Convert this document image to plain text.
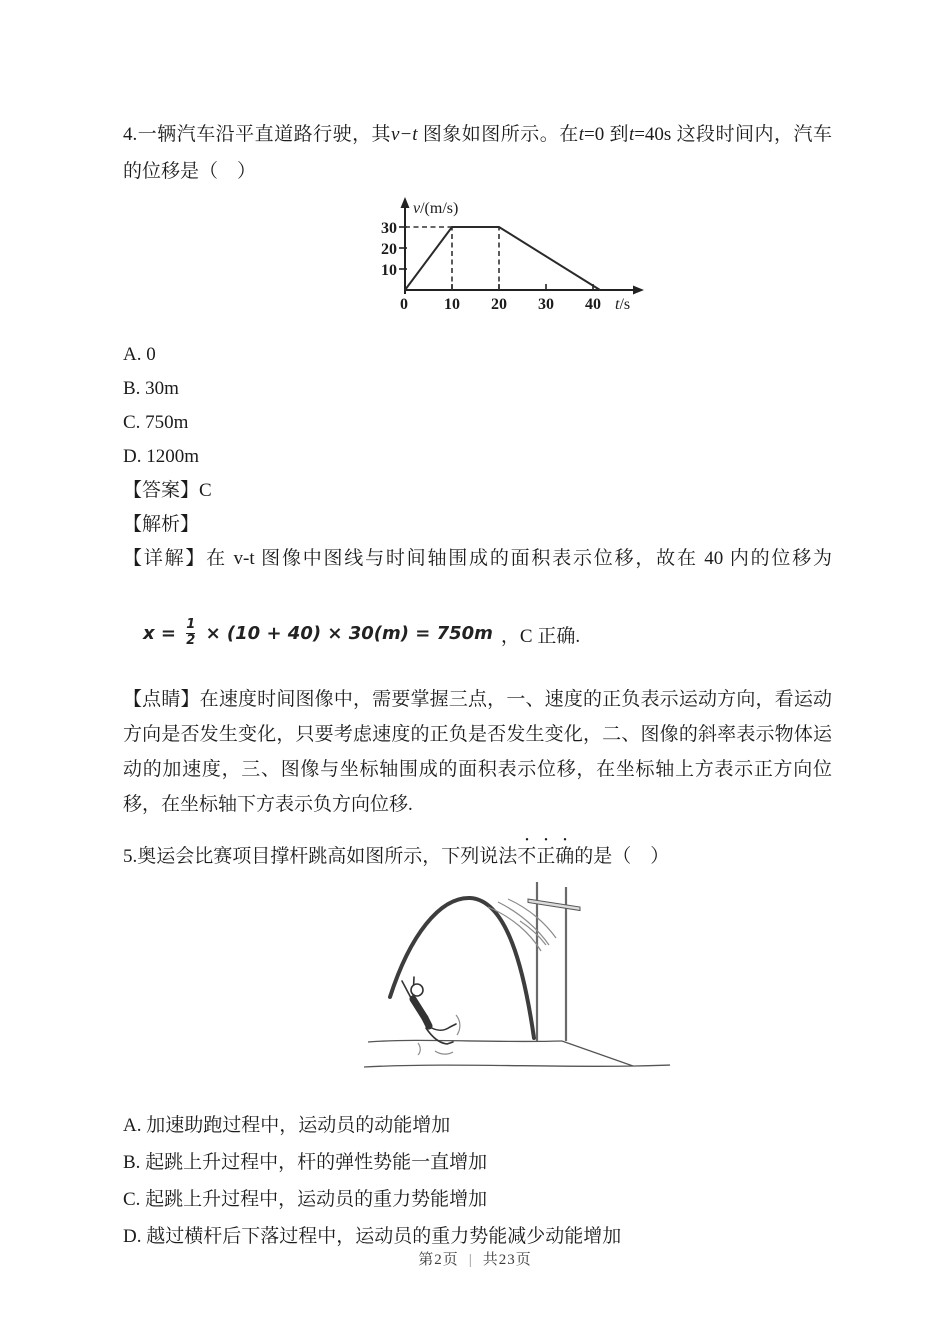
4.一辆汽车沿平直道路行驶，其v−t 图象如图所示。在t=0 到t=40s 这段时间内，汽车的位移是（　）

30
20
10
0 10 20 30 40
v/(m/s)
t/s

A. 0

B. 30m

C. 750m

D. 1200m

【答案】C

【解析】

【详解】在 v-t 图像中图线与时间轴围成的面积表示位移，故在 40 内的位移为

$x = \frac{1}{2} \times (10 + 40) \times 30(m) = 750m$ ，C 正确.

【点睛】在速度时间图像中，需要掌握三点，一、速度的正负表示运动方向，看运动方向是否发生变化，只要考虑速度的正负是否发生变化，二、图像的斜率表示物体运动的加速度，三、图像与坐标轴围成的面积表示位移，在坐标轴上方表示正方向位移，在坐标轴下方表示负方向位移.

5.奥运会比赛项目撑杆跳高如图所示，下列说法不正确的是（　）

A. 加速助跑过程中，运动员的动能增加

B. 起跳上升过程中，杆的弹性势能一直增加

C. 起跳上升过程中，运动员的重力势能增加

D. 越过横杆后下落过程中，运动员的重力势能减少动能增加

第2页 | 共23页
